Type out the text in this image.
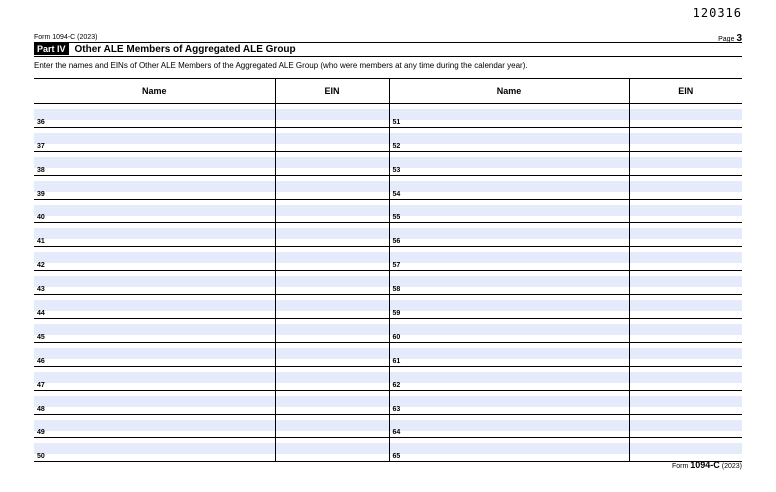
120316
Form 1094-C (2023)	Page 3
Part IV Other ALE Members of Aggregated ALE Group
Enter the names and EINs of Other ALE Members of the Aggregated ALE Group (who were members at any time during the calendar year).
Name	EIN	Name	EIN

36		51	

37		52	

38		53	

39		54	

40		55	

41		56	

42		57	

43		58	

44		59	

45		60	

46		61	

47		62	

48		63	

49		64	

50		65	

Form 1094-C (2023)
